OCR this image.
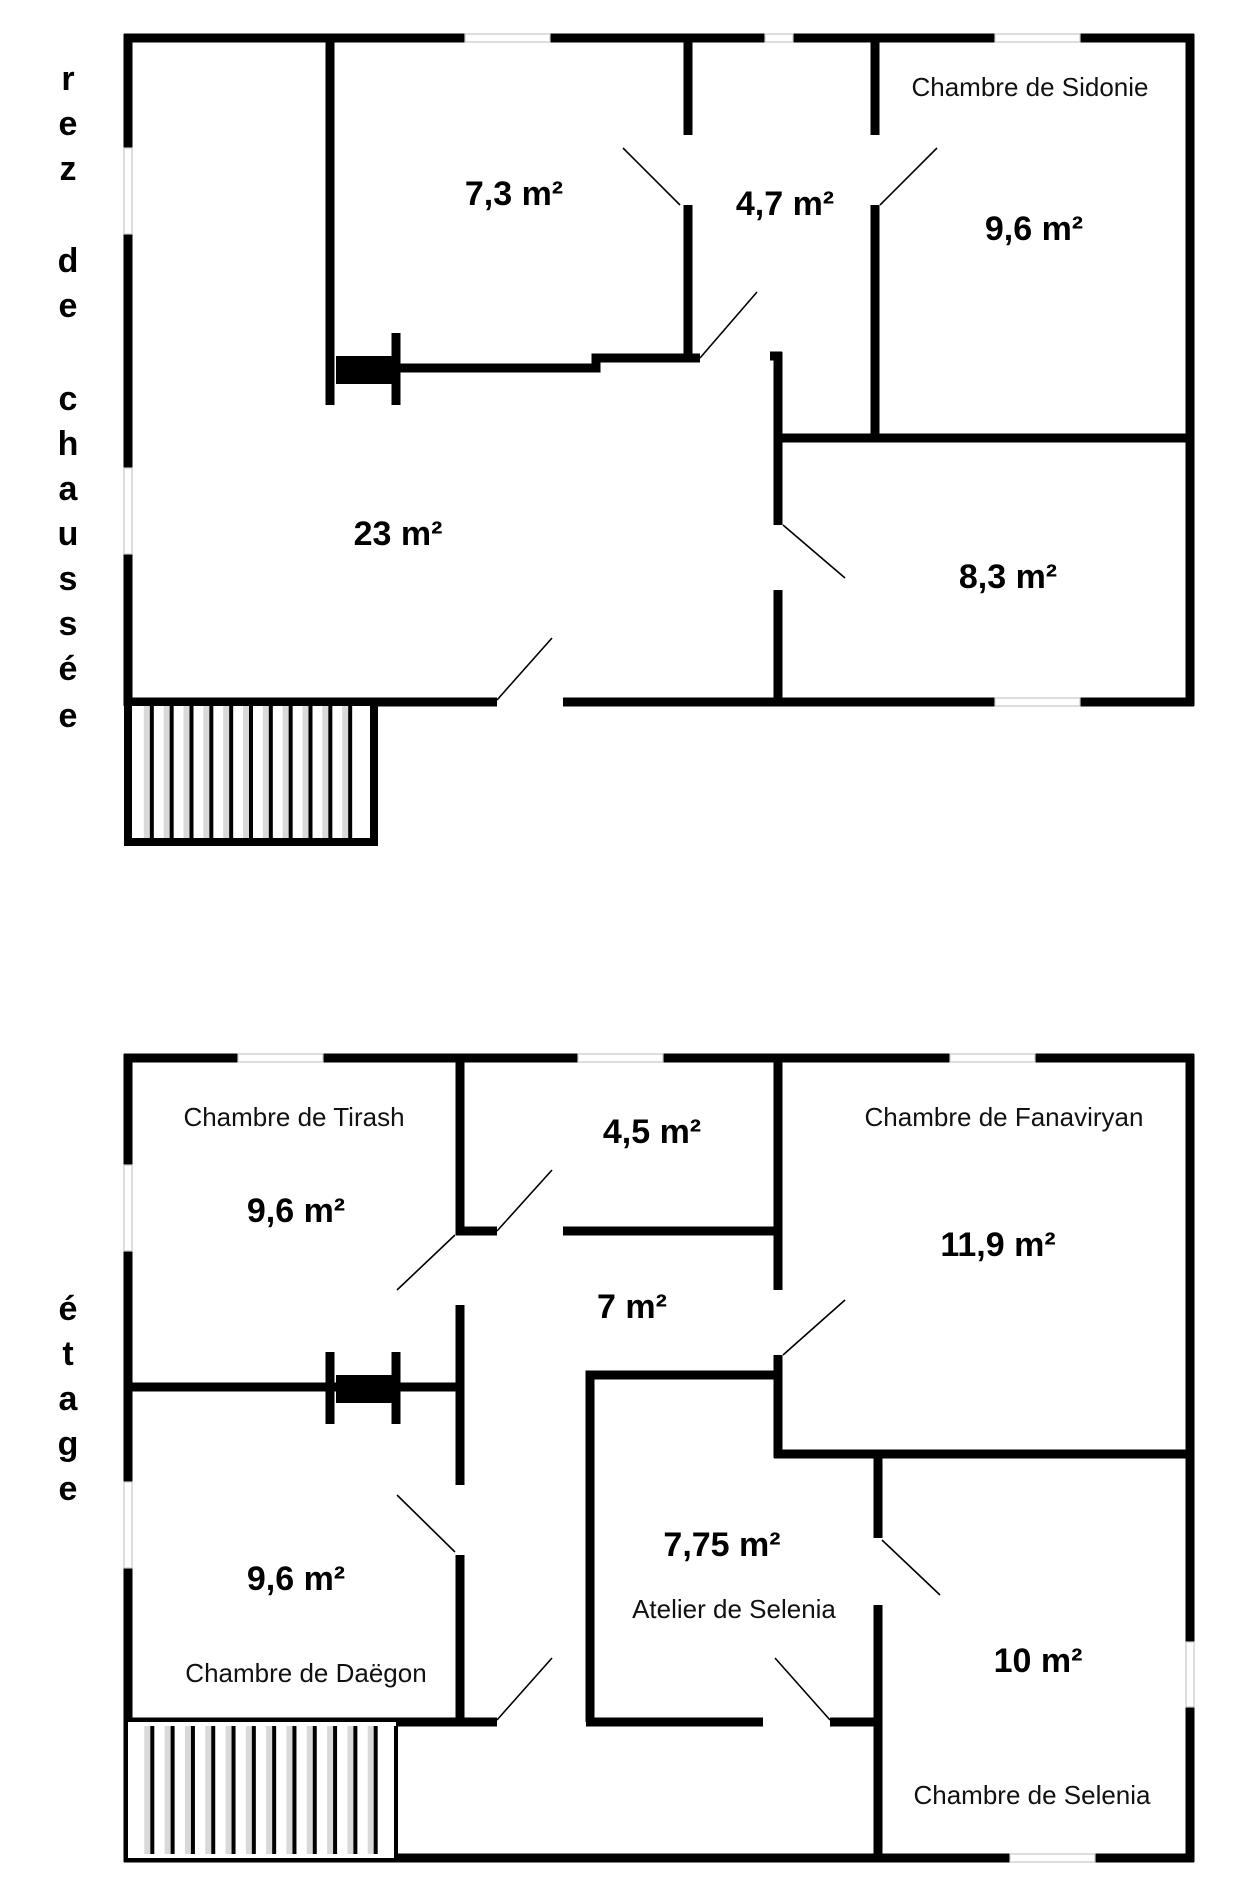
r
e
z
d
e
c
h
a
u
s
s
é
e
7,3 m²	4,7 m²
Chambre de Sidonie
9,6 m²
23 m²
8,3 m²
é
t
a
g
e
Chambre de Tirash
9,6 m²
4,5 m²	Chambre de Fanaviryan
11,9 m²
7 m²
9,6 m²
Chambre de Daëgon
7,75 m²
Atelier de Selenia
10 m²
Chambre de Selenia
